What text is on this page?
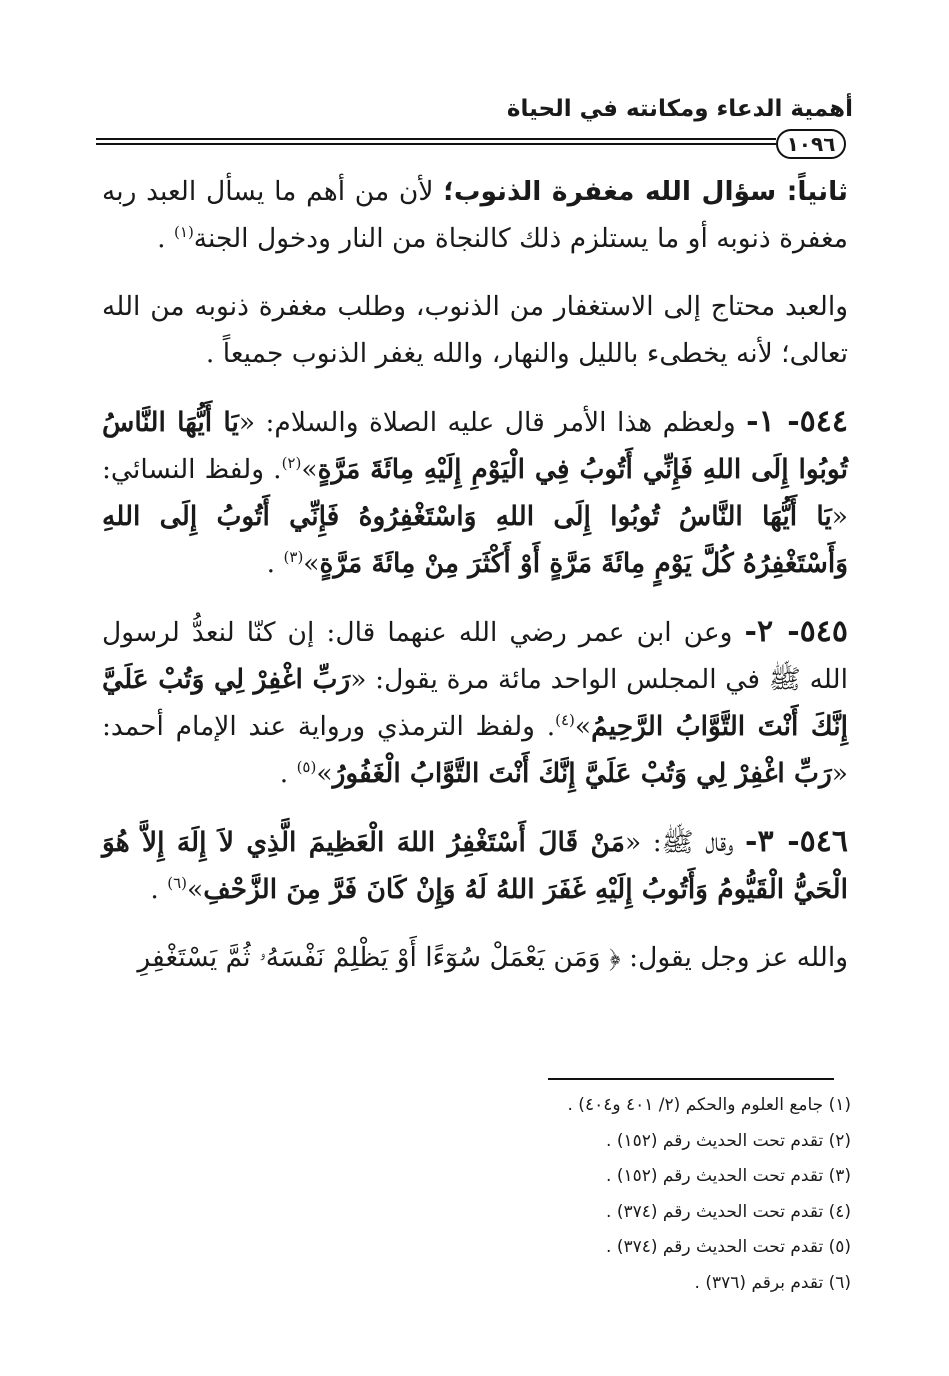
أهمية الدعاء ومكانته في الحياة
١٠٩٦

ثانياً: سؤال الله مغفرة الذنوب؛ لأن من أهم ما يسأل العبد ربه مغفرة ذنوبه أو ما يستلزم ذلك كالنجاة من النار ودخول الجنة$^{(١)}$ .

والعبد محتاج إلى الاستغفار من الذنوب، وطلب مغفرة ذنوبه من الله تعالى؛ لأنه يخطىء بالليل والنهار، والله يغفر الذنوب جميعاً .

٥٤٤- ١- ولعظم هذا الأمر قال عليه الصلاة والسلام: «يَا أَيُّهَا النَّاسُ تُوبُوا إِلَى اللهِ فَإِنِّي أَتُوبُ فِي الْيَوْمِ إِلَيْهِ مِائَةَ مَرَّةٍ»$^{(٢)}$. ولفظ النسائي: «يَا أَيُّهَا النَّاسُ تُوبُوا إِلَى اللهِ وَاسْتَغْفِرُوهُ فَإِنِّي أَتُوبُ إِلَى اللهِ وَأَسْتَغْفِرُهُ كُلَّ يَوْمٍ مِائَةَ مَرَّةٍ أَوْ أَكْثَرَ مِنْ مِائَةَ مَرَّةٍ»$^{(٣)}$ .

٥٤٥- ٢- وعن ابن عمر رضي الله عنهما قال: إن كنّا لنعدُّ لرسول الله ﷺ في المجلس الواحد مائة مرة يقول: «رَبِّ اغْفِرْ لِي وَتُبْ عَلَيَّ إِنَّكَ أَنْتَ التَّوَّابُ الرَّحِيمُ»$^{(٤)}$. ولفظ الترمذي ورواية عند الإمام أحمد: «رَبِّ اغْفِرْ لِي وَتُبْ عَلَيَّ إِنَّكَ أَنْتَ التَّوَّابُ الْغَفُورُ»$^{(٥)}$ .

٥٤٦- ٣- وقال ﷺ: «مَنْ قَالَ أَسْتَغْفِرُ اللهَ الْعَظِيمَ الَّذِي لاَ إِلَهَ إِلاَّ هُوَ الْحَيُّ الْقَيُّومُ وَأَتُوبُ إِلَيْهِ غَفَرَ اللهُ لَهُ وَإِنْ كَانَ فَرَّ مِنَ الزَّحْفِ»$^{(٦)}$ .

والله عز وجل يقول: ﴿ وَمَن يَعْمَلْ سُوٓءًا أَوْ يَظْلِمْ نَفْسَهُۥ ثُمَّ يَسْتَغْفِرِ

(١) جامع العلوم والحكم (٢/ ٤٠١ و٤٠٤) .
(٢) تقدم تحت الحديث رقم (١٥٢) .
(٣) تقدم تحت الحديث رقم (١٥٢) .
(٤) تقدم تحت الحديث رقم (٣٧٤) .
(٥) تقدم تحت الحديث رقم (٣٧٤) .
(٦) تقدم برقم (٣٧٦) .
